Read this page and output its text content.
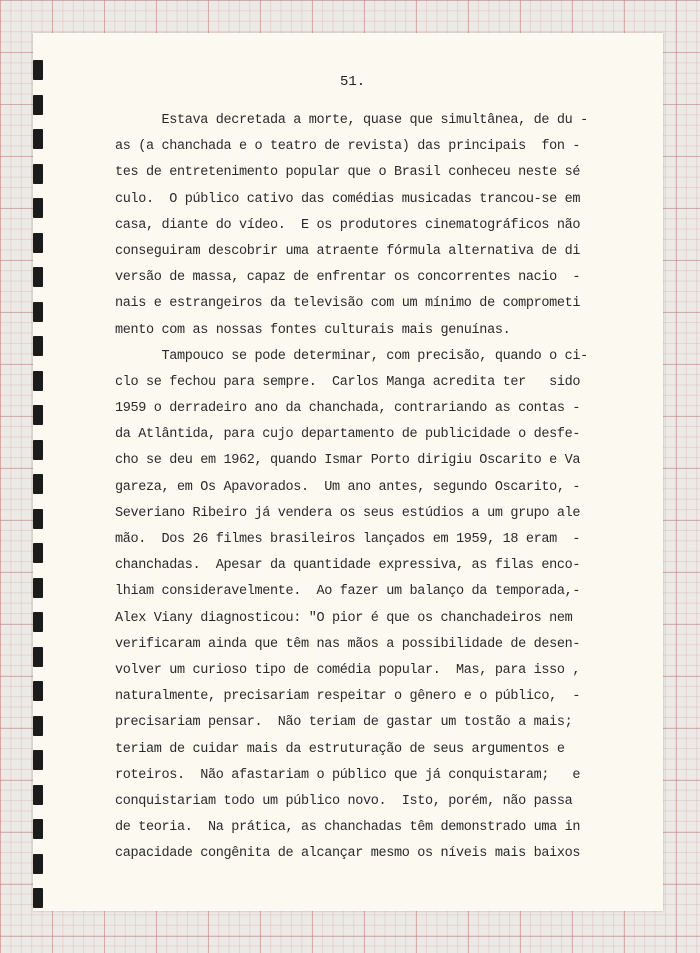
51.
Estava decretada a morte, quase que simultânea, de du -
as (a chanchada e o teatro de revista) das principais  fon -
tes de entretenimento popular que o Brasil conheceu neste sé
culo.  O público cativo das comédias musicadas trancou-se em
casa, diante do vídeo.  E os produtores cinematográficos não
conseguiram descobrir uma atraente fórmula alternativa de di
versão de massa, capaz de enfrentar os concorrentes nacio  -
nais e estrangeiros da televisão com um mínimo de comprometi
mento com as nossas fontes culturais mais genuínas.
Tampouco se pode determinar, com precisão, quando o ci-
clo se fechou para sempre.  Carlos Manga acredita ter   sido
1959 o derradeiro ano da chanchada, contrariando as contas -
da Atlântida, para cujo departamento de publicidade o desfe-
cho se deu em 1962, quando Ismar Porto dirigiu Oscarito e Va
gareza, em Os Apavorados.  Um ano antes, segundo Oscarito, -
Severiano Ribeiro já vendera os seus estúdios a um grupo ale
mão.  Dos 26 filmes brasileiros lançados em 1959, 18 eram  -
chanchadas.  Apesar da quantidade expressiva, as filas enco-
lhiam consideravelmente.  Ao fazer um balanço da temporada,-
Alex Viany diagnosticou: "O pior é que os chanchadeiros nem
verificaram ainda que têm nas mãos a possibilidade de desen-
volver um curioso tipo de comédia popular.  Mas, para isso ,
naturalmente, precisariam respeitar o gênero e o público,  -
precisariam pensar.  Não teriam de gastar um tostão a mais;
teriam de cuidar mais da estruturação de seus argumentos e
roteiros.  Não afastariam o público que já conquistaram;   e
conquistariam todo um público novo.  Isto, porém, não passa
de teoria.  Na prática, as chanchadas têm demonstrado uma in
capacidade congênita de alcançar mesmo os níveis mais baixos
